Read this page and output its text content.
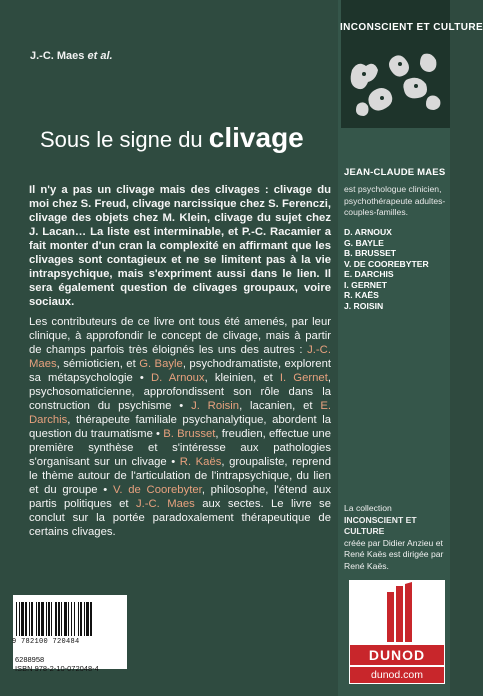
J.-C. Maes et al.
INCONSCIENT ET CULTURE
Sous le signe du clivage

Il n'y a pas un clivage mais des clivages : clivage du moi chez S. Freud, clivage narcissique chez S. Ferenczi, clivage des objets chez M. Klein, clivage du sujet chez J. Lacan… La liste est interminable, et P.-C. Racamier a fait monter d'un cran la complexité en affirmant que les clivages sont contagieux et ne se limitent pas à la vie intrapsychique, mais s'expriment aussi dans le lien. Il sera également question de clivages groupaux, voire sociaux.

Les contributeurs de ce livre ont tous été amenés, par leur clinique, à approfondir le concept de clivage, mais à partir de champs parfois très éloignés les uns des autres : J.-C. Maes, sémioticien, et G. Bayle, psychodramatiste, explorent sa métapsychologie • D. Arnoux, kleinien, et I. Gernet, psychosomaticienne, approfondissent son rôle dans la construction du psychisme • J. Roisin, lacanien, et E. Darchis, thérapeute familiale psychanalytique, abordent la question du traumatisme • B. Brusset, freudien, effectue une première synthèse et s'intéresse aux pathologies s'organisant sur un clivage • R. Kaës, groupaliste, reprend le thème autour de l'articulation de l'intrapsychique, du lien et du groupe • V. de Coorebyter, philosophe, l'étend aux partis politiques et J.-C. Maes aux sectes. Le livre se conclut sur la portée paradoxalement thérapeutique de certains clivages.

JEAN-CLAUDE MAES
est psychologue clinicien, psychothérapeute adultes-couples-familles.
D. ARNOUX
G. BAYLE
B. BRUSSET
V. DE COOREBYTER
E. DARCHIS
I. GERNET
R. KAËS
J. ROISIN
La collection
INCONSCIENT ET CULTURE
créée par Didier Anzieu et René Kaës est dirigée par René Kaës.
9 782100 720484
6288958
ISBN 978-2-10-072048-4
DUNOD
dunod.com
